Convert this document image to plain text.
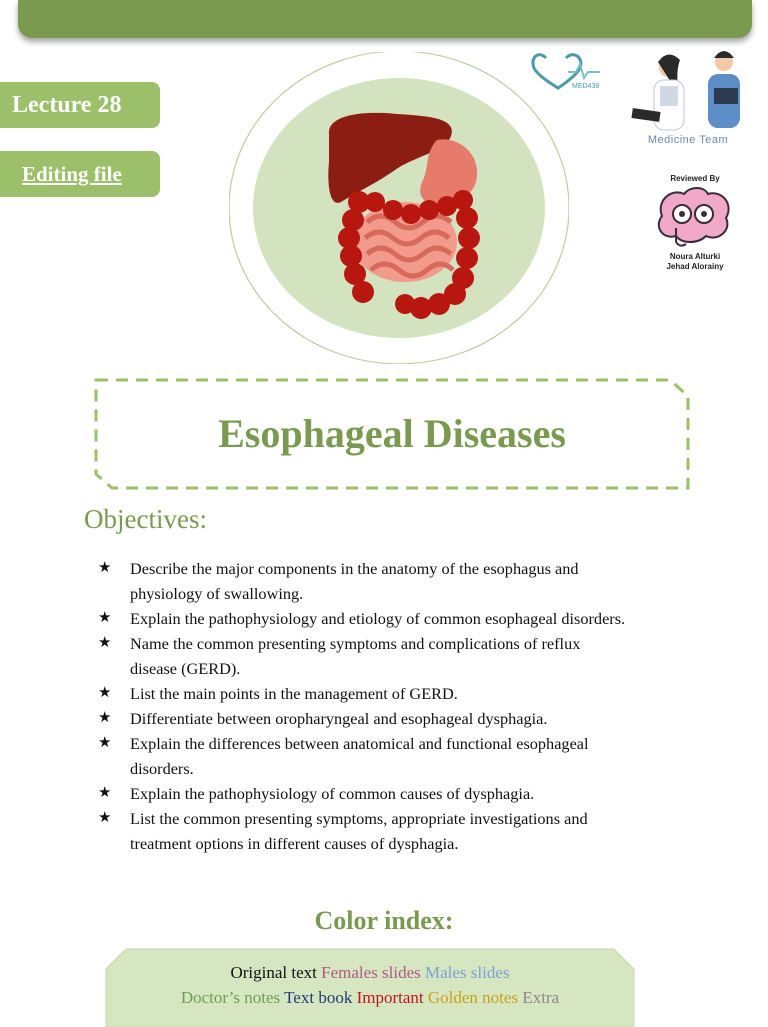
Lecture 28
Editing file
MED438
Medicine Team
Reviewed By
Noura Alturki
Jehad Alorainy
Esophageal Diseases
Objectives:
★ Describe the major components in the anatomy of the esophagus and
physiology of swallowing.
★ Explain the pathophysiology and etiology of common esophageal disorders.
★ Name the common presenting symptoms and complications of reflux
disease (GERD).
★ List the main points in the management of GERD.
★ Differentiate between oropharyngeal and esophageal dysphagia.
★ Explain the differences between anatomical and functional esophageal
disorders.
★ Explain the pathophysiology of common causes of dysphagia.
★ List the common presenting symptoms, appropriate investigations and
treatment options in different causes of dysphagia.
Color index:
Original text Females slides Males slides
Doctor’s notes Text book Important Golden notes Extra
